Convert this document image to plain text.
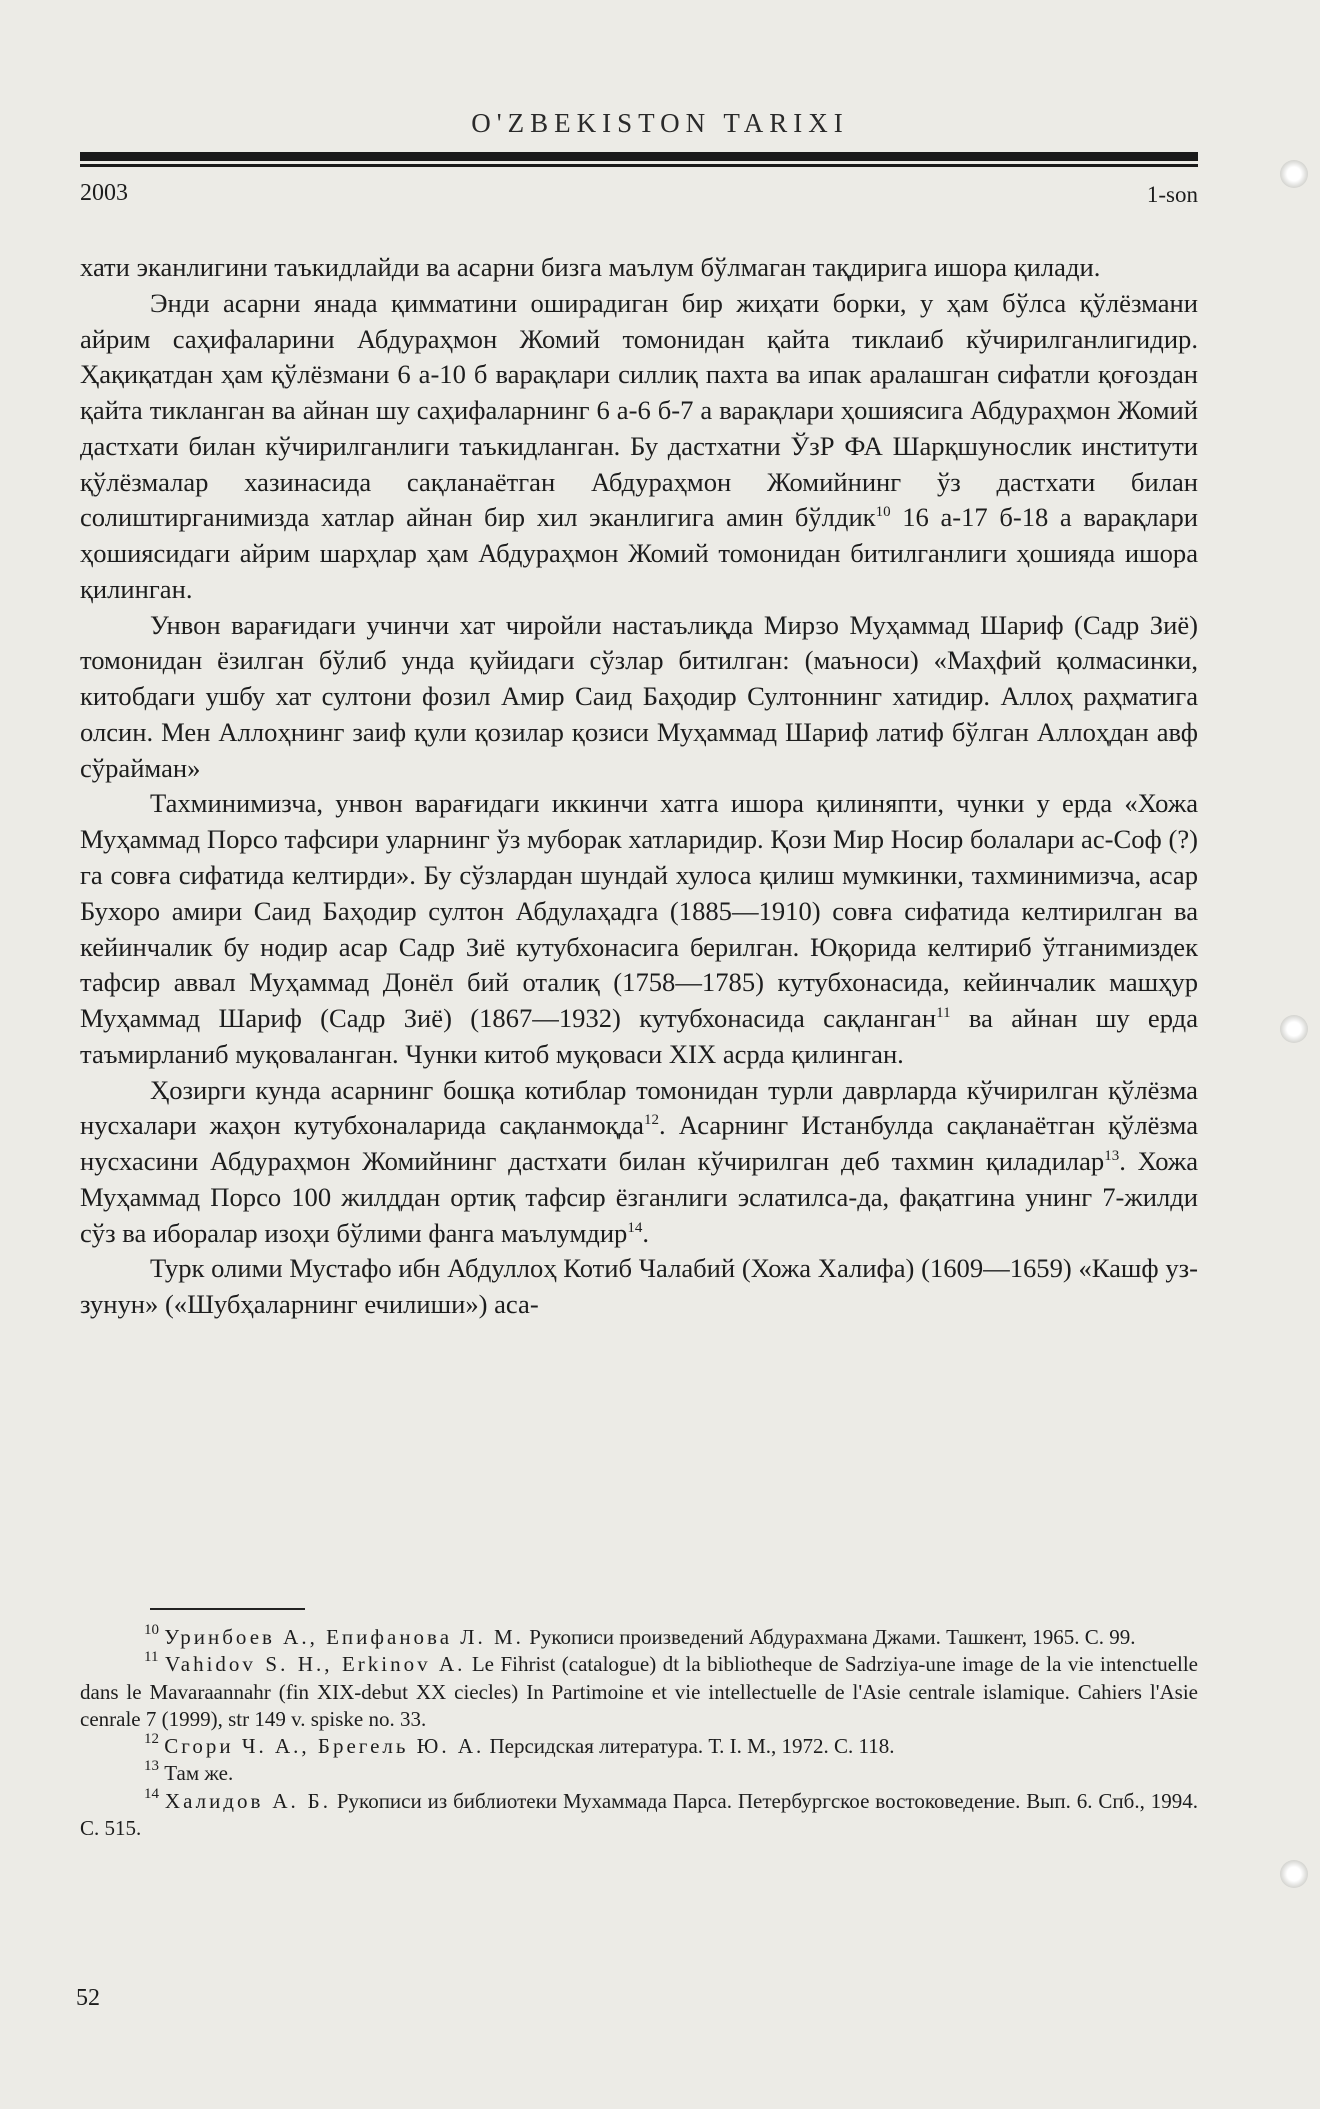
O'ZBEKISTON TARIXI
2003	1-son

хати эканлигини таъкидлайди ва асарни бизга маълум бўлмаган тақдирига ишора қилади.

Энди асарни янада қимматини оширадиган бир жиҳати борки, у ҳам бўлса қўлёзмани айрим саҳифаларини Абдураҳмон Жомий томонидан қайта тиклаиб кўчирилганлигидир. Ҳақиқатдан ҳам қўлёзмани 6 а-10 б варақлари силлиқ пахта ва ипак аралашган сифатли қоғоздан қайта тикланган ва айнан шу саҳифаларнинг 6 а-6 б-7 а варақлари ҳошиясига Абдураҳмон Жомий дастхати билан кўчирилганлиги таъкидланган. Бу дастхатни ЎзР ФА Шарқшунослик институти қўлёзмалар хазинасида сақланаётган Абдураҳмон Жомийнинг ўз дастхати билан солиштирганимизда хатлар айнан бир хил эканлигига амин бўлдик$^{10}$ 16 а-17 б-18 а варақлари ҳошиясидаги айрим шарҳлар ҳам Абдураҳмон Жомий томонидан битилганлиги ҳошияда ишора қилинган.

Унвон варағидаги учинчи хат чиройли настаълиқда Мирзо Муҳаммад Шариф (Садр Зиё) томонидан ёзилган бўлиб унда қуйидаги сўзлар битилган: (маъноси) «Маҳфий қолмасинки, китобдаги ушбу хат султони фозил Амир Саид Баҳодир Султоннинг хатидир. Аллоҳ раҳматига олсин. Мен Аллоҳнинг заиф қули қозилар қозиси Муҳаммад Шариф латиф бўлган Аллоҳдан авф сўрайман»

Тахминимизча, унвон варағидаги иккинчи хатга ишора қилиняпти, чунки у ерда «Хожа Муҳаммад Порсо тафсири уларнинг ўз муборак хатларидир. Қози Мир Носир болалари ас-Соф (?) га совға сифатида келтирди». Бу сўзлардан шундай хулоса қилиш мумкинки, тахминимизча, асар Бухоро амири Саид Баҳодир султон Абдулаҳадга (1885—1910) совға сифатида келтирилган ва кейинчалик бу нодир асар Садр Зиё кутубхонасига берилган. Юқорида келтириб ўтганимиздек тафсир аввал Муҳаммад Донёл бий оталиқ (1758—1785) кутубхонасида, кейинчалик машҳур Муҳаммад Шариф (Садр Зиё) (1867—1932) кутубхонасида сақланган$^{11}$ ва айнан шу ерда таъмирланиб муқоваланган. Чунки китоб муқоваси XIX асрда қилинган.

Ҳозирги кунда асарнинг бошқа котиблар томонидан турли даврларда кўчирилган қўлёзма нусхалари жаҳон кутубхоналарида сақланмоқда$^{12}$. Асарнинг Истанбулда сақланаётган қўлёзма нусхасини Абдураҳмон Жомийнинг дастхати билан кўчирилган деб тахмин қиладилар$^{13}$. Хожа Муҳаммад Порсо 100 жилддан ортиқ тафсир ёзганлиги эслатилса-да, фақатгина унинг 7-жилди сўз ва иборалар изоҳи бўлими фанга маълумдир$^{14}$.

Турк олими Мустафо ибн Абдуллоҳ Котиб Чалабий (Хожа Халифа) (1609—1659) «Кашф уз-зунун» («Шубҳаларнинг ечилиши») аса-

$^{10}$ Уринбоев А., Епифанова Л. М. Рукописи произведений Абдурахмана Джами. Ташкент, 1965. С. 99.

$^{11}$ Vahidov S. H., Erkinov A. Le Fihrist (catalogue) dt la bibliotheque de Sadrziya-une image de la vie intenctuelle dans le Mavaraannahr (fin XIX-debut XX ciecles) In Partimoine et vie intellectuelle de l'Asie centrale islamique. Cahiers l'Asie cenrale 7 (1999), str 149 v. spiske no. 33.

$^{12}$ Сгори Ч. А., Брегель Ю. А. Персидская литература. Т. I. М., 1972. С. 118.

$^{13}$ Там же.

$^{14}$ Халидов А. Б. Рукописи из библиотеки Мухаммада Парса. Петербургское востоковедение. Вып. 6. Спб., 1994. С. 515.

52
